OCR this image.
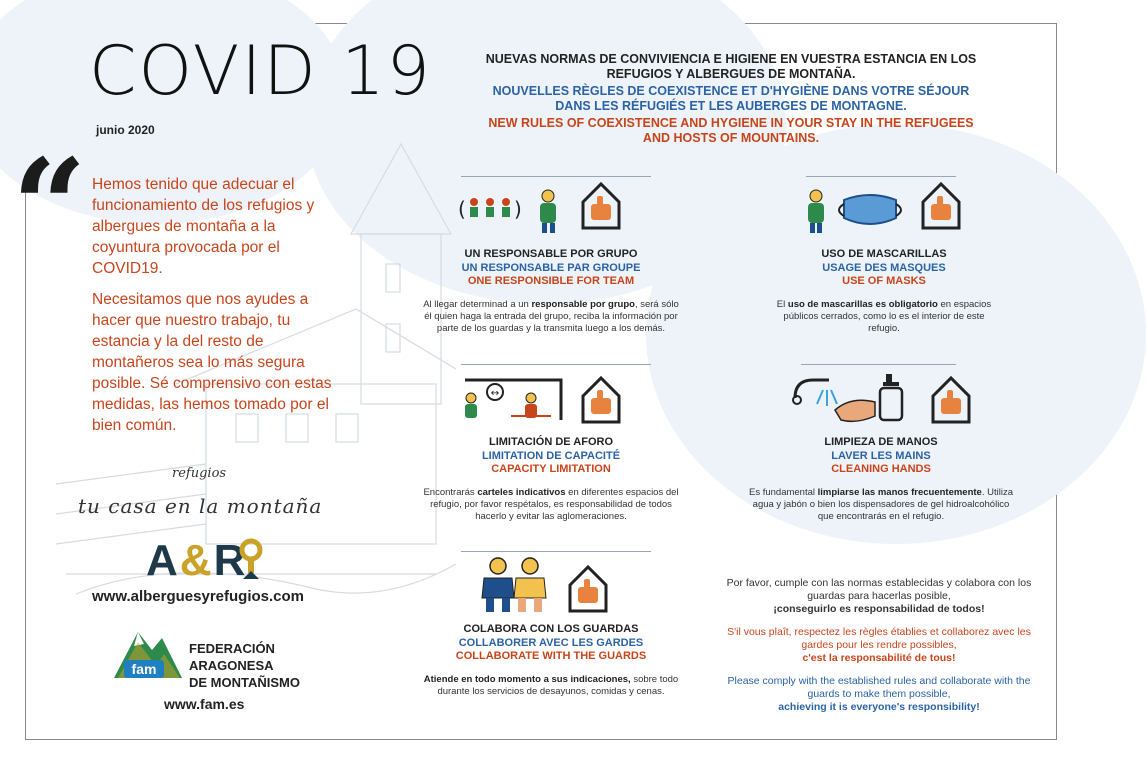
COVID 19
junio 2020
“ Hemos tenido que adecuar el funcionamiento de los refugios y albergues de montaña a la coyuntura provocada por el COVID19.

Necesitamos que nos ayudes a hacer que nuestro trabajo, tu estancia y la del resto de montañeros sea lo más segura posible. Sé comprensivo con estas medidas, las hemos tomado por el bien común.

refugios
tu casa en la montaña
A&R
www.alberguesyrefugios.com
fam
FEDERACIÓN
ARAGONESA
DE MONTAÑISMO
www.fam.es
NUEVAS NORMAS DE CONVIVIENCIA E HIGIENE EN VUESTRA ESTANCIA EN LOS REFUGIOS Y ALBERGUES DE MONTAÑA.
NOUVELLES RÈGLES DE COEXISTENCE ET D'HYGIÈNE DANS VOTRE SÉJOUR DANS LES RÉFUGIÉS ET LES AUBERGES DE MONTAGNE.
NEW RULES OF COEXISTENCE AND HYGIENE IN YOUR STAY IN THE REFUGEES AND HOSTS OF MOUNTAINS.
( )
UN RESPONSABLE POR GRUPO
UN RESPONSABLE PAR GROUPE
ONE RESPONSIBLE FOR TEAM
Al llegar determinad a un responsable por grupo, será sólo él quien haga la entrada del grupo, reciba la información por parte de los guardas y la transmita luego a los demás.
USO DE MASCARILLAS
USAGE DES MASQUES
USE OF MASKS
El uso de mascarillas es obligatorio en espacios públicos cerrados, como lo es el interior de este refugio.
↔
LIMITACIÓN DE AFORO
LIMITATION DE CAPACITÉ
CAPACITY LIMITATION
Encontrarás carteles indicativos en diferentes espacios del refugio, por favor respétalos, es responsabilidad de todos hacerlo y evitar las aglomeraciones.
LIMPIEZA DE MANOS
LAVER LES MAINS
CLEANING HANDS
Es fundamental limpiarse las manos frecuentemente. Utiliza agua y jabón o bien los dispensadores de gel hidroalcohólico que encontrarás en el refugio.
COLABORA CON LOS GUARDAS
COLLABORER AVEC LES GARDES
COLLABORATE WITH THE GUARDS
Atiende en todo momento a sus indicaciones, sobre todo durante los servicios de desayunos, comidas y cenas.

Por favor, cumple con las normas establecidas y colabora con los guardas para hacerlas posible,
¡conseguirlo es responsabilidad de todos!

S'il vous plaît, respectez les règles établies et collaborez avec les gardes pour les rendre possibles,
c'est la responsabilité de tous!

Please comply with the established rules and collaborate with the guards to make them possible,
achieving it is everyone's responsibility!
